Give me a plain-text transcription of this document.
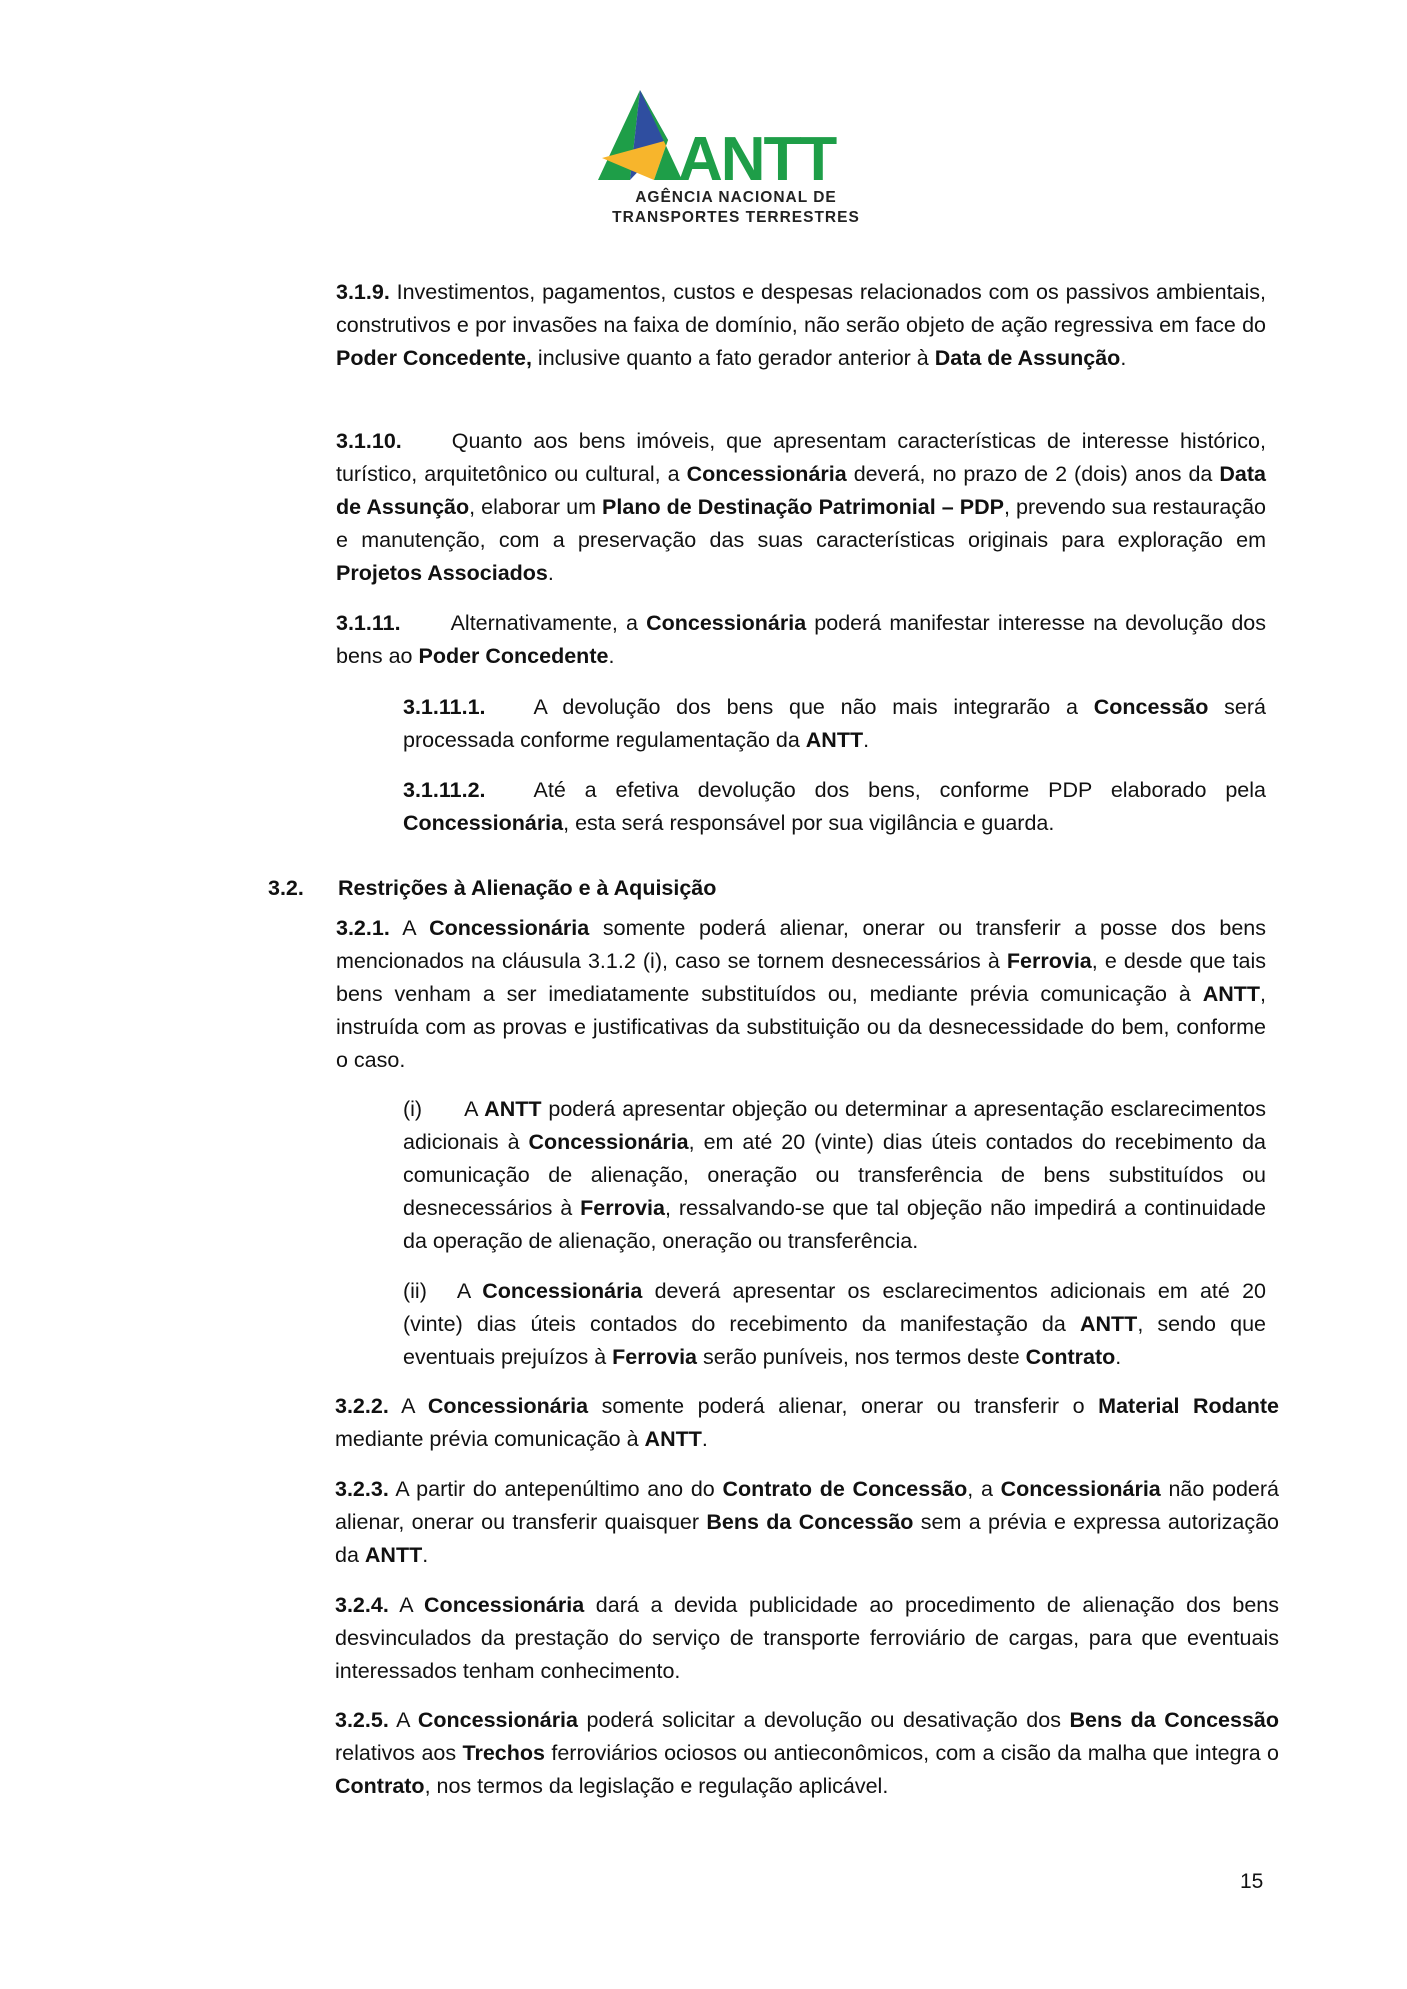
ANTT
AGÊNCIA NACIONAL DE
TRANSPORTES TERRESTRES

3.1.9. Investimentos, pagamentos, custos e despesas relacionados com os passivos ambientais, construtivos e por invasões na faixa de domínio, não serão objeto de ação regressiva em face do Poder Concedente, inclusive quanto a fato gerador anterior à Data de Assunção.

3.1.10. Quanto aos bens imóveis, que apresentam características de interesse histórico, turístico, arquitetônico ou cultural, a Concessionária deverá, no prazo de 2 (dois) anos da Data de Assunção, elaborar um Plano de Destinação Patrimonial – PDP, prevendo sua restauração e manutenção, com a preservação das suas características originais para exploração em Projetos Associados.

3.1.11. Alternativamente, a Concessionária poderá manifestar interesse na devolução dos bens ao Poder Concedente.

3.1.11.1. A devolução dos bens que não mais integrarão a Concessão será processada conforme regulamentação da ANTT.

3.1.11.2. Até a efetiva devolução dos bens, conforme PDP elaborado pela Concessionária, esta será responsável por sua vigilância e guarda.

3.2. Restrições à Alienação e à Aquisição

3.2.1. A Concessionária somente poderá alienar, onerar ou transferir a posse dos bens mencionados na cláusula 3.1.2 (i), caso se tornem desnecessários à Ferrovia, e desde que tais bens venham a ser imediatamente substituídos ou, mediante prévia comunicação à ANTT, instruída com as provas e justificativas da substituição ou da desnecessidade do bem, conforme o caso.

(i) A ANTT poderá apresentar objeção ou determinar a apresentação esclarecimentos adicionais à Concessionária, em até 20 (vinte) dias úteis contados do recebimento da comunicação de alienação, oneração ou transferência de bens substituídos ou desnecessários à Ferrovia, ressalvando-se que tal objeção não impedirá a continuidade da operação de alienação, oneração ou transferência.

(ii) A Concessionária deverá apresentar os esclarecimentos adicionais em até 20 (vinte) dias úteis contados do recebimento da manifestação da ANTT, sendo que eventuais prejuízos à Ferrovia serão puníveis, nos termos deste Contrato.

3.2.2. A Concessionária somente poderá alienar, onerar ou transferir o Material Rodante mediante prévia comunicação à ANTT.

3.2.3. A partir do antepenúltimo ano do Contrato de Concessão, a Concessionária não poderá alienar, onerar ou transferir quaisquer Bens da Concessão sem a prévia e expressa autorização da ANTT.

3.2.4. A Concessionária dará a devida publicidade ao procedimento de alienação dos bens desvinculados da prestação do serviço de transporte ferroviário de cargas, para que eventuais interessados tenham conhecimento.

3.2.5. A Concessionária poderá solicitar a devolução ou desativação dos Bens da Concessão relativos aos Trechos ferroviários ociosos ou antieconômicos, com a cisão da malha que integra o Contrato, nos termos da legislação e regulação aplicável.

15
